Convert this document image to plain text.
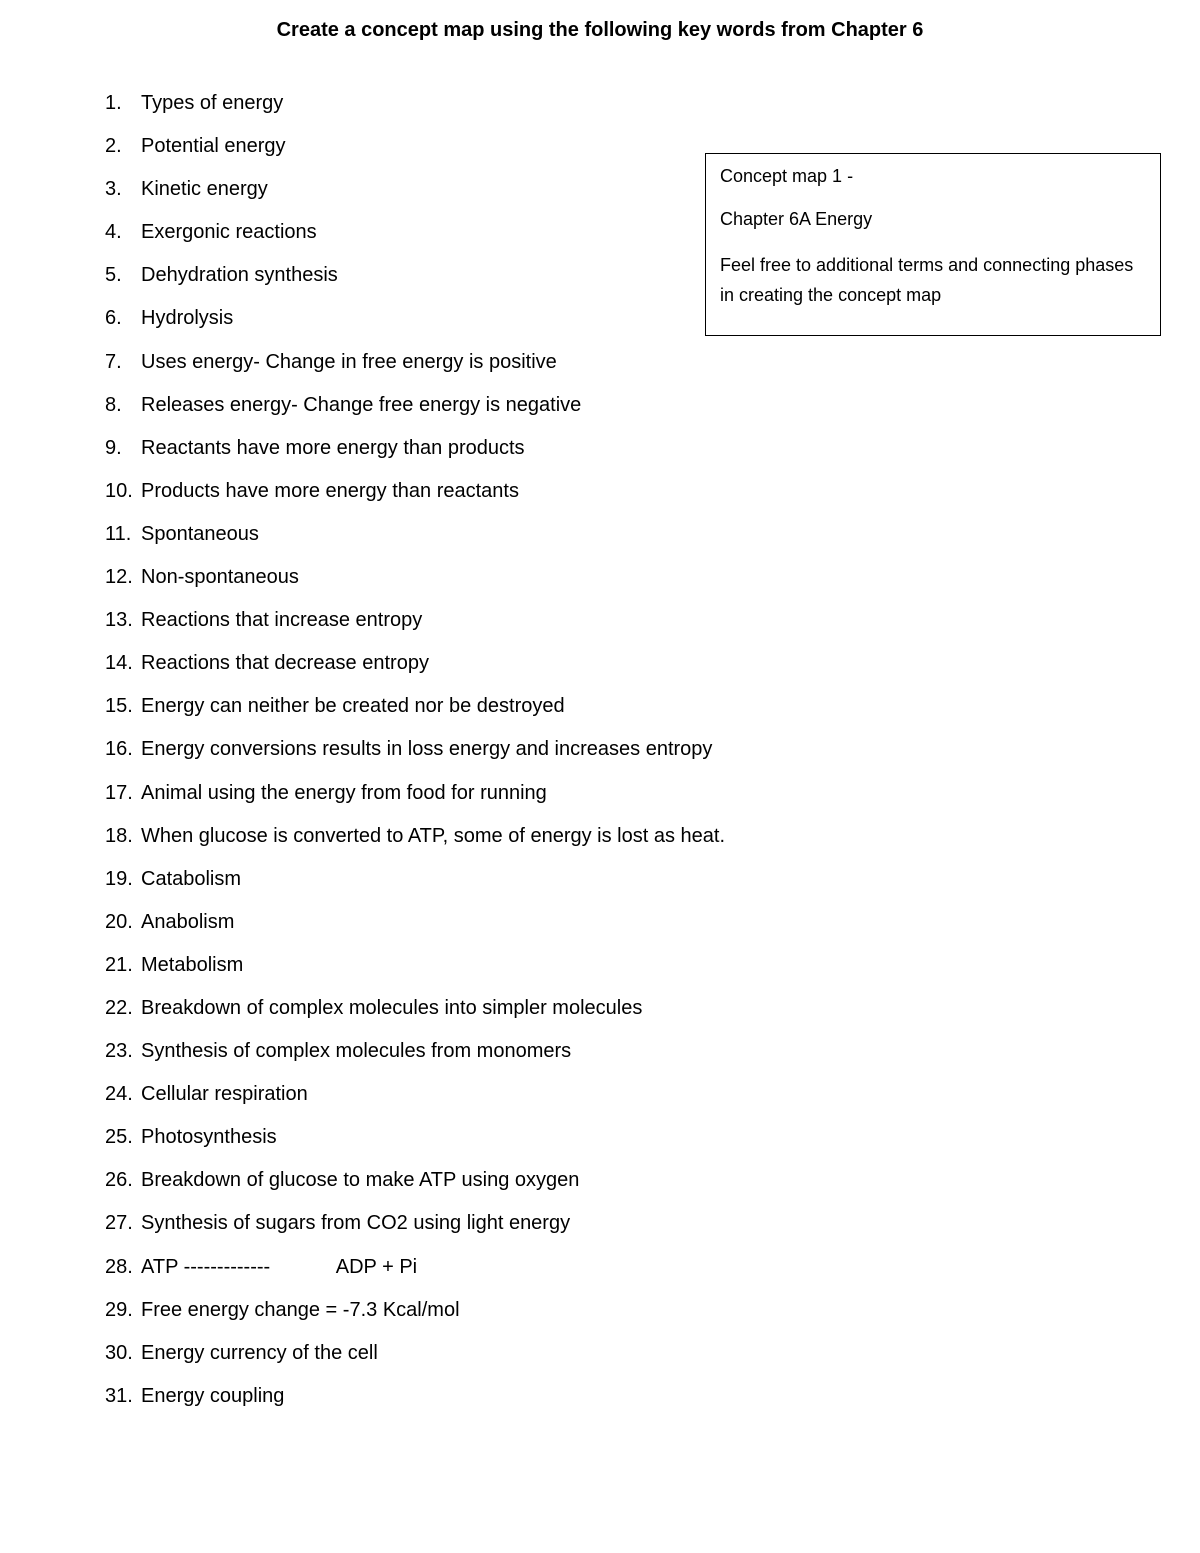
Create a concept map using the following key words from Chapter 6
1. Types of energy
2. Potential energy
3. Kinetic energy
4. Exergonic reactions
5. Dehydration synthesis
6. Hydrolysis
7. Uses energy- Change in free energy is positive
8. Releases energy- Change free energy is negative
9. Reactants have more energy than products
10. Products have more energy than reactants
11. Spontaneous
12. Non-spontaneous
13. Reactions that increase entropy
14. Reactions that decrease entropy
15. Energy can neither be created nor be destroyed
16. Energy conversions results in loss energy and increases entropy
17. Animal using the energy from food for running
18. When glucose is converted to ATP, some of energy is lost as heat.
19. Catabolism
20. Anabolism
21. Metabolism
22. Breakdown of complex molecules into simpler molecules
23. Synthesis of complex molecules from monomers
24. Cellular respiration
25. Photosynthesis
26. Breakdown of glucose to make ATP using oxygen
27. Synthesis of sugars from CO2 using light energy
28. ATP -------------            ADP + Pi
29. Free energy change = -7.3 Kcal/mol
30. Energy currency of the cell
31. Energy coupling

Concept map 1 -

Chapter 6A Energy

Feel free to additional terms and connecting phases in creating the concept map
